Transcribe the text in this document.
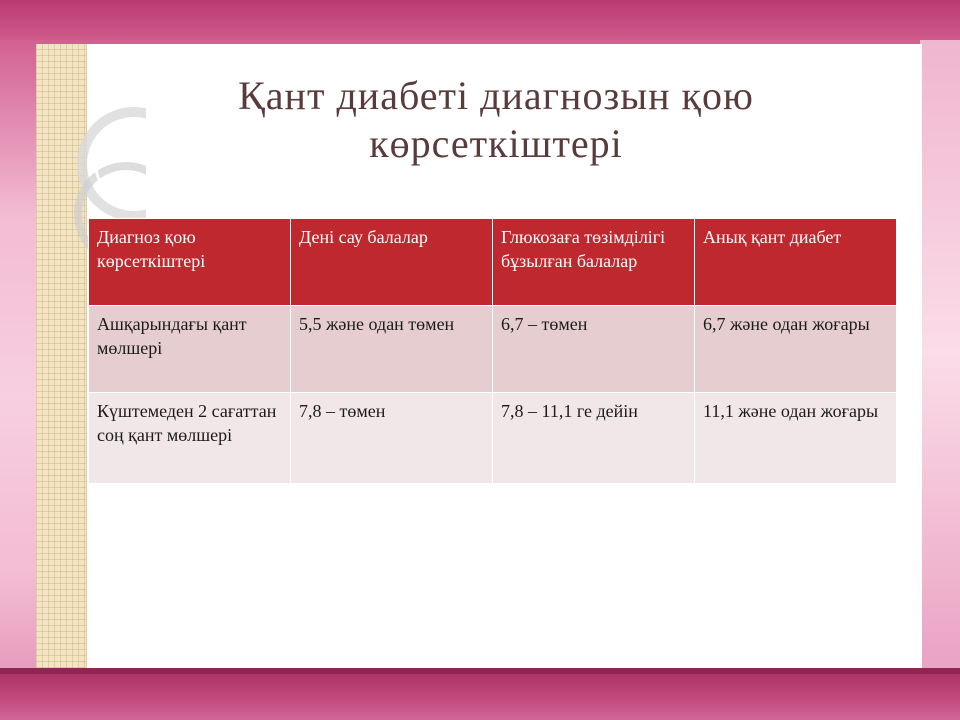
Қант диабеті диагнозын қою
көрсеткіштері
Диагноз қою көрсеткіштері	Дені сау балалар	Глюкозаға төзімділігі бұзылған балалар	Анық қант диабет
Ашқарындағы қант мөлшері	5,5 және одан төмен	6,7 – төмен	6,7 және одан жоғары
Күштемеден 2 сағаттан соң қант мөлшері	7,8 – төмен	7,8 – 11,1 ге дейін	11,1 және одан жоғары
